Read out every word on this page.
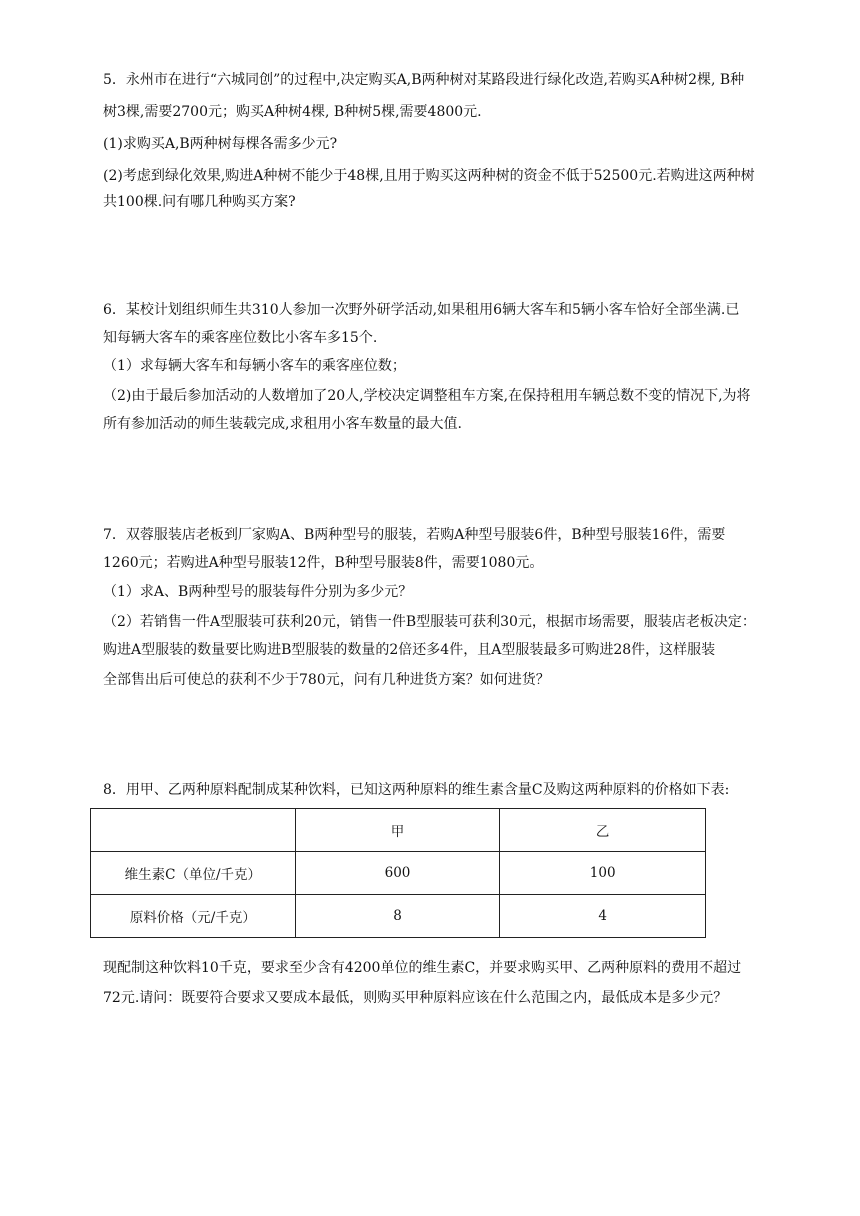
5．永州市在进行“六城同创”的过程中,决定购买A,B两种树对某路段进行绿化改造,若购买A种树2棵, B种
树3棵,需要2700元；购买A种树4棵, B种树5棵,需要4800元.
(1)求购买A,B两种树每棵各需多少元?
(2)考虑到绿化效果,购进A种树不能少于48棵,且用于购买这两种树的资金不低于52500元.若购进这两种树
共100棵.问有哪几种购买方案?
6．某校计划组织师生共310人参加一次野外研学活动,如果租用6辆大客车和5辆小客车恰好全部坐满.已
知每辆大客车的乘客座位数比小客车多15个.
（1）求每辆大客车和每辆小客车的乘客座位数；
（2)由于最后参加活动的人数增加了20人,学校决定调整租车方案,在保持租用车辆总数不变的情况下,为将
所有参加活动的师生装载完成,求租用小客车数量的最大值.
7．双蓉服装店老板到厂家购A、B两种型号的服装，若购A种型号服装6件，B种型号服装16件，需要
1260元；若购进A种型号服装12件，B种型号服装8件，需要1080元。
（1）求A、B两种型号的服装每件分别为多少元？
（2）若销售一件A型服装可获利20元，销售一件B型服装可获利30元，根据市场需要，服装店老板决定：
购进A型服装的数量要比购进B型服装的数量的2倍还多4件，且A型服装最多可购进28件，这样服装
全部售出后可使总的获利不少于780元，问有几种进货方案？如何进货？
8．用甲、乙两种原料配制成某种饮料，已知这两种原料的维生素含量C及购这两种原料的价格如下表:
	甲	乙
维生素C（单位/千克）	600	100
原料价格（元/千克）	8	4
现配制这种饮料10千克，要求至少含有4200单位的维生素C，并要求购买甲、乙两种原料的费用不超过
72元.请问：既要符合要求又要成本最低，则购买甲种原料应该在什么范围之内，最低成本是多少元？
